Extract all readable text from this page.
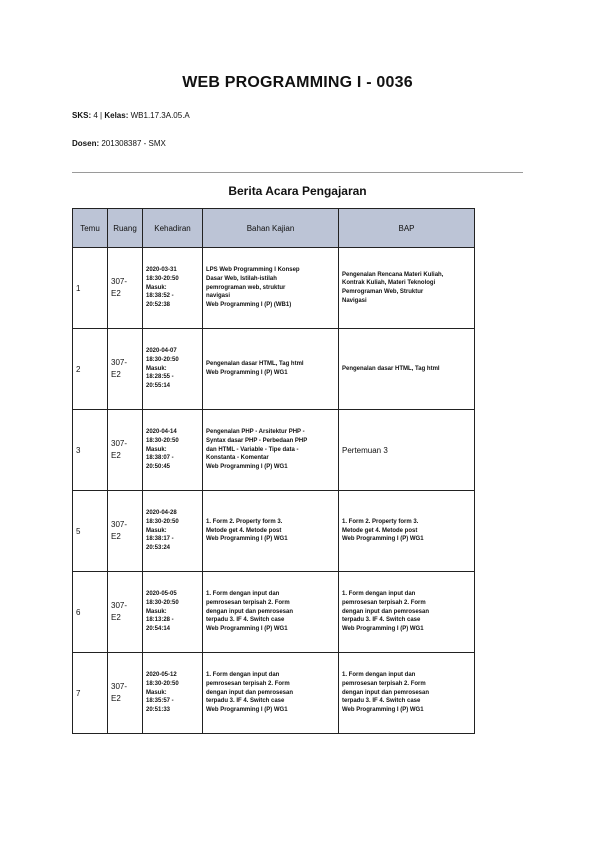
WEB PROGRAMMING I - 0036
SKS: 4 | Kelas: WB1.17.3A.05.A
Dosen: 201308387 - SMX
Berita Acara Pengajaran
Temu	Ruang	Kehadiran	Bahan Kajian	BAP
1	307-
E2	2020-03-31
18:30-20:50
Masuk:
18:38:52 -
20:52:38	LPS Web Programming I Konsep
Dasar Web, Istilah-istilah
pemrograman web, struktur
navigasi
Web Programming I (P) (WB1)	Pengenalan Rencana Materi Kuliah,
Kontrak Kuliah, Materi Teknologi
Pemrograman Web, Struktur
Navigasi

2	307-
E2	2020-04-07
18:30-20:50
Masuk:
18:28:55 -
20:55:14	Pengenalan dasar HTML, Tag html
Web Programming I (P) WG1	Pengenalan dasar HTML, Tag html

3	307-
E2	2020-04-14
18:30-20:50
Masuk:
18:38:07 -
20:50:45	Pengenalan PHP - Arsitektur PHP -
Syntax dasar PHP - Perbedaan PHP
dan HTML - Variable - Tipe data -
Konstanta - Komentar
Web Programming I (P) WG1	Pertemuan 3

5	307-
E2	2020-04-28
18:30-20:50
Masuk:
18:38:17 -
20:53:24	1. Form 2. Property form 3.
Metode get 4. Metode post
Web Programming I (P) WG1	1. Form 2. Property form 3.
Metode get 4. Metode post
Web Programming I (P) WG1

6	307-
E2	2020-05-05
18:30-20:50
Masuk:
18:13:28 -
20:54:14	1. Form dengan input dan
pemrosesan terpisah 2. Form
dengan input dan pemrosesan
terpadu 3. IF 4. Switch case
Web Programming I (P) WG1	1. Form dengan input dan
pemrosesan terpisah 2. Form
dengan input dan pemrosesan
terpadu 3. IF 4. Switch case
Web Programming I (P) WG1

7	307-
E2	2020-05-12
18:30-20:50
Masuk:
18:35:57 -
20:51:33	1. Form dengan input dan
pemrosesan terpisah 2. Form
dengan input dan pemrosesan
terpadu 3. IF 4. Switch case
Web Programming I (P) WG1	1. Form dengan input dan
pemrosesan terpisah 2. Form
dengan input dan pemrosesan
terpadu 3. IF 4. Switch case
Web Programming I (P) WG1
